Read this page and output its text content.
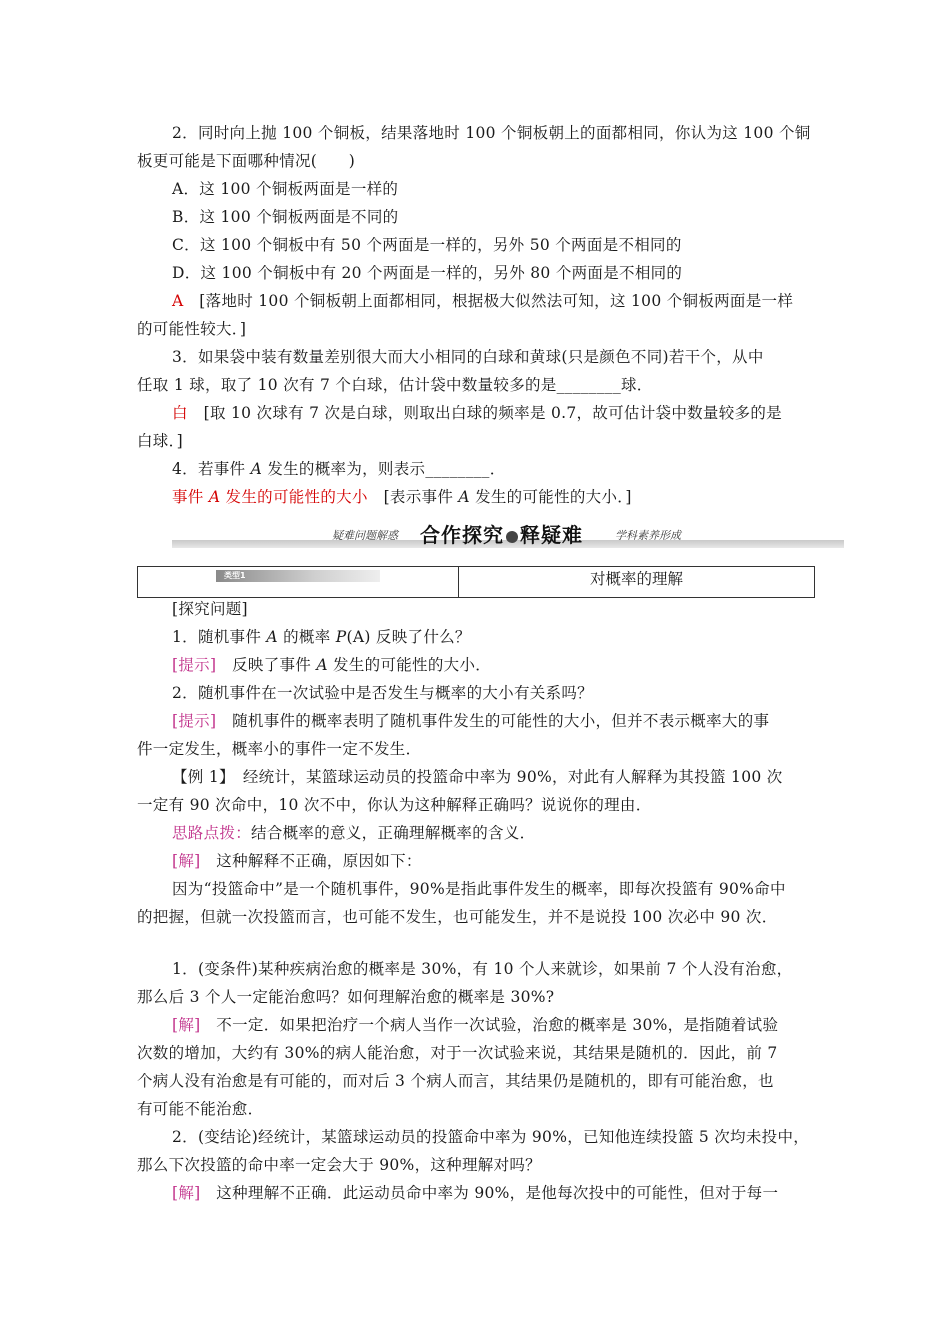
2．同时向上抛 100 个铜板，结果落地时 100 个铜板朝上的面都相同，你认为这 100 个铜
板更可能是下面哪种情况(　　)
A．这 100 个铜板两面是一样的
B．这 100 个铜板两面是不同的
C．这 100 个铜板中有 50 个两面是一样的，另外 50 个两面是不相同的
D．这 100 个铜板中有 20 个两面是一样的，另外 80 个两面是不相同的
A　[落地时 100 个铜板朝上面都相同，根据极大似然法可知，这 100 个铜板两面是一样
的可能性较大．]
3．如果袋中装有数量差别很大而大小相同的白球和黄球(只是颜色不同)若干个，从中
任取 1 球，取了 10 次有 7 个白球，估计袋中数量较多的是________球．
白　[取 10 次球有 7 次是白球，则取出白球的频率是 0.7，故可估计袋中数量较多的是
白球．]
4．若事件 A 发生的概率为，则表示________．
事件 A 发生的可能性的大小　[表示事件 A 发生的可能性的大小．]
疑难问题解惑 合作探究 释疑难	学科素养形成
类型1	对概率的理解
[探究问题]
1．随机事件 A 的概率 P(A) 反映了什么？
[提示]　反映了事件 A 发生的可能性的大小．
2．随机事件在一次试验中是否发生与概率的大小有关系吗？
[提示]　随机事件的概率表明了随机事件发生的可能性的大小，但并不表示概率大的事
件一定发生，概率小的事件一定不发生．
【例 1】　经统计，某篮球运动员的投篮命中率为 90%，对此有人解释为其投篮 100 次
一定有 90 次命中，10 次不中，你认为这种解释正确吗？说说你的理由．
思路点拨：结合概率的意义，正确理解概率的含义．
[解]　这种解释不正确，原因如下：
因为“投篮命中”是一个随机事件，90%是指此事件发生的概率，即每次投篮有 90%命中
的把握，但就一次投篮而言，也可能不发生，也可能发生，并不是说投 100 次必中 90 次．
1．(变条件)某种疾病治愈的概率是 30%，有 10 个人来就诊，如果前 7 个人没有治愈，
那么后 3 个人一定能治愈吗？如何理解治愈的概率是 30%?
[解]　不一定．如果把治疗一个病人当作一次试验，治愈的概率是 30%，是指随着试验
次数的增加，大约有 30%的病人能治愈，对于一次试验来说，其结果是随机的．因此，前 7
个病人没有治愈是有可能的，而对后 3 个病人而言，其结果仍是随机的，即有可能治愈，也
有可能不能治愈．
2．(变结论)经统计，某篮球运动员的投篮命中率为 90%，已知他连续投篮 5 次均未投中，
那么下次投篮的命中率一定会大于 90%，这种理解对吗？
[解]　这种理解不正确．此运动员命中率为 90%，是他每次投中的可能性，但对于每一
